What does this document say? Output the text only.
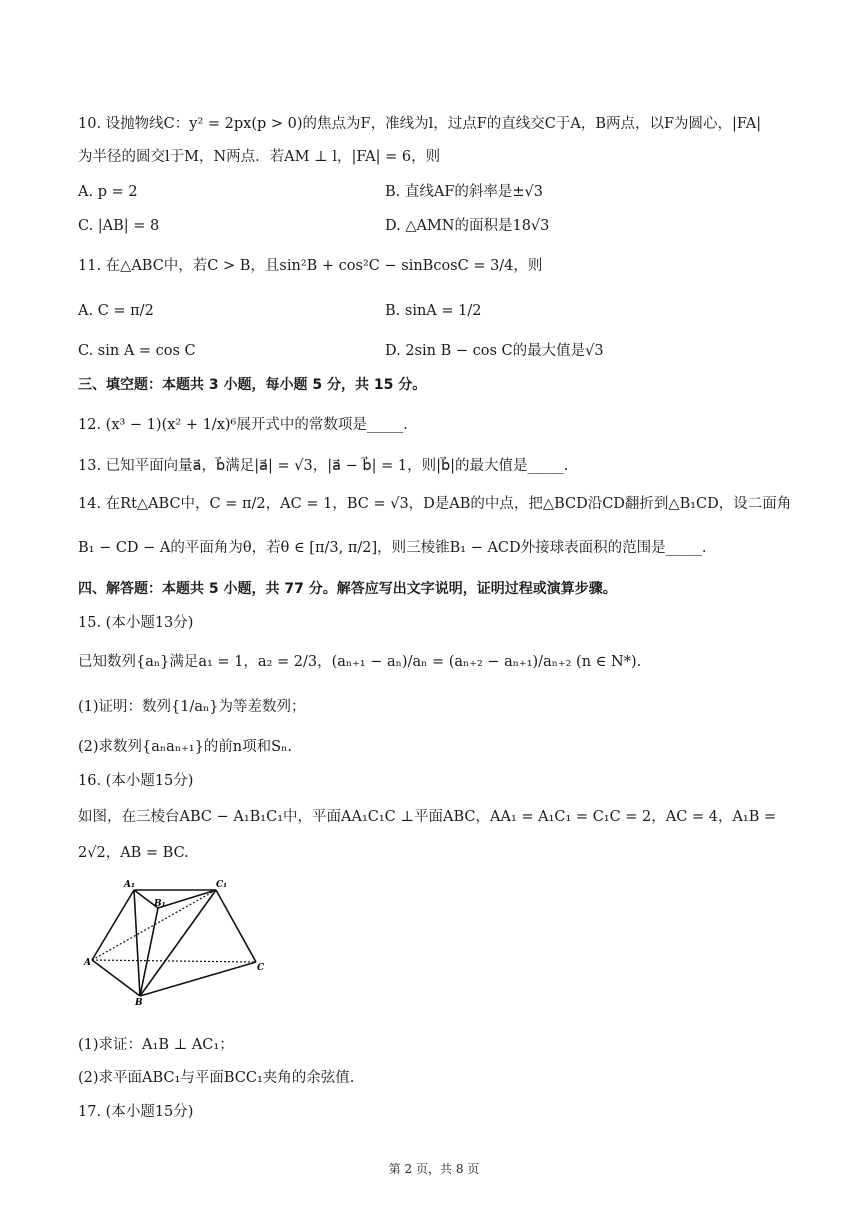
10. 设抛物线C：y² = 2px(p > 0)的焦点为F，准线为l，过点F的直线交C于A，B两点，以F为圆心，|FA|
为半径的圆交l于M，N两点．若AM ⊥ l，|FA| = 6，则
A. p = 2	B. 直线AF的斜率是±√3
C. |AB| = 8	D. △AMN的面积是18√3
11. 在△ABC中，若C > B，且sin²B + cos²C − sinBcosC = 3/4，则
A. C = π/2	B. sinA = 1/2
C. sin A = cos C	D. 2sin B − cos C的最大值是√3
三、填空题：本题共 3 小题，每小题 5 分，共 15 分。
12. (x³ − 1)(x² + 1/x)⁶展开式中的常数项是_____.
13. 已知平面向量a⃗，b⃗满足|a⃗| = √3，|a⃗ − b⃗| = 1，则|b⃗|的最大值是_____.
14. 在Rt△ABC中，C = π/2，AC = 1，BC = √3，D是AB的中点，把△BCD沿CD翻折到△B₁CD，设二面角
B₁ − CD − A的平面角为θ，若θ ∈ [π/3, π/2]，则三棱锥B₁ − ACD外接球表面积的范围是_____.
四、解答题：本题共 5 小题，共 77 分。解答应写出文字说明，证明过程或演算步骤。
15. (本小题13分)
已知数列{aₙ}满足a₁ = 1，a₂ = 2/3，(aₙ₊₁ − aₙ)/aₙ = (aₙ₊₂ − aₙ₊₁)/aₙ₊₂ (n ∈ N*).
(1)证明：数列{1/aₙ}为等差数列；
(2)求数列{aₙaₙ₊₁}的前n项和Sₙ.
16. (本小题15分)
如图，在三棱台ABC − A₁B₁C₁中，平面AA₁C₁C ⊥平面ABC，AA₁ = A₁C₁ = C₁C = 2，AC = 4，A₁B =
2√2，AB = BC.
A₁
B₁
C₁
A
B
C
(1)求证：A₁B ⊥ AC₁；
(2)求平面ABC₁与平面BCC₁夹角的余弦值.
17. (本小题15分)
第 2 页，共 8 页
